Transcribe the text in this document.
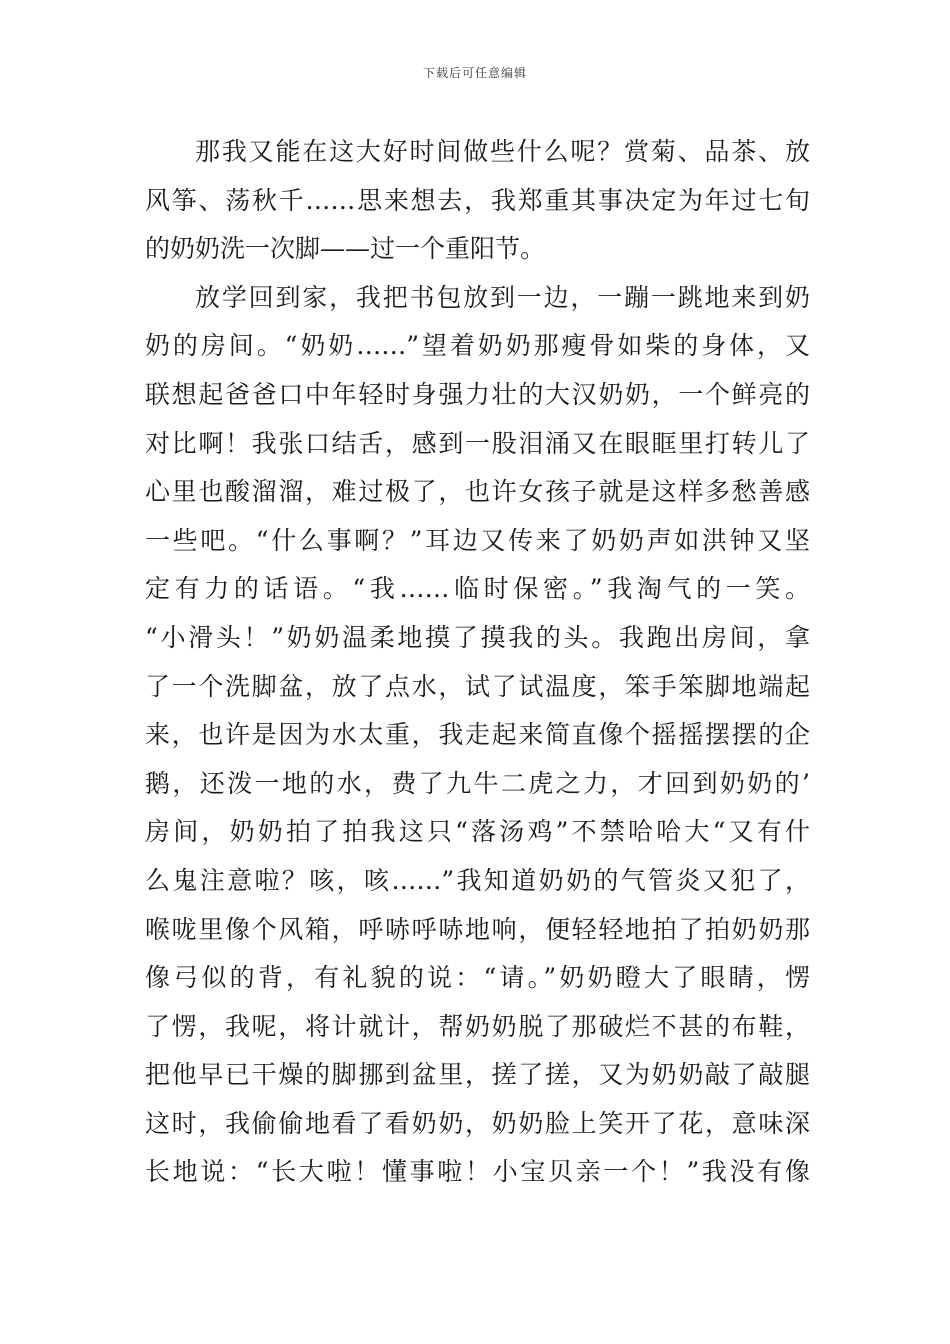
下载后可任意编辑
那我又能在这大好时间做些什么呢？赏菊、品茶、放
风筝、荡秋千……思来想去，我郑重其事决定为年过七旬
的奶奶洗一次脚——过一个重阳节。
放学回到家，我把书包放到一边，一蹦一跳地来到奶
奶的房间。“奶奶……”望着奶奶那瘦骨如柴的身体，又
联想起爸爸口中年轻时身强力壮的大汉奶奶，一个鲜亮的
对比啊！我张口结舌，感到一股泪涌又在眼眶里打转儿了
心里也酸溜溜，难过极了，也许女孩子就是这样多愁善感
一些吧。“什么事啊？”耳边又传来了奶奶声如洪钟又坚
定有力的话语。“我……临时保密。”我淘气的一笑。
“小滑头！”奶奶温柔地摸了摸我的头。我跑出房间，拿
了一个洗脚盆，放了点水，试了试温度，笨手笨脚地端起
来，也许是因为水太重，我走起来简直像个摇摇摆摆的企
鹅，还泼一地的水，费了九牛二虎之力，才回到奶奶的’
房间，奶奶拍了拍我这只“落汤鸡”不禁哈哈大“又有什
么鬼注意啦？咳，咳……”我知道奶奶的气管炎又犯了，
喉咙里像个风箱，呼哧呼哧地响，便轻轻地拍了拍奶奶那
像弓似的背，有礼貌的说：“请。”奶奶瞪大了眼睛，愣
了愣，我呢，将计就计，帮奶奶脱了那破烂不甚的布鞋，
把他早已干燥的脚挪到盆里，搓了搓，又为奶奶敲了敲腿
这时，我偷偷地看了看奶奶，奶奶脸上笑开了花，意味深
长地说：“长大啦！懂事啦！小宝贝亲一个！”我没有像
